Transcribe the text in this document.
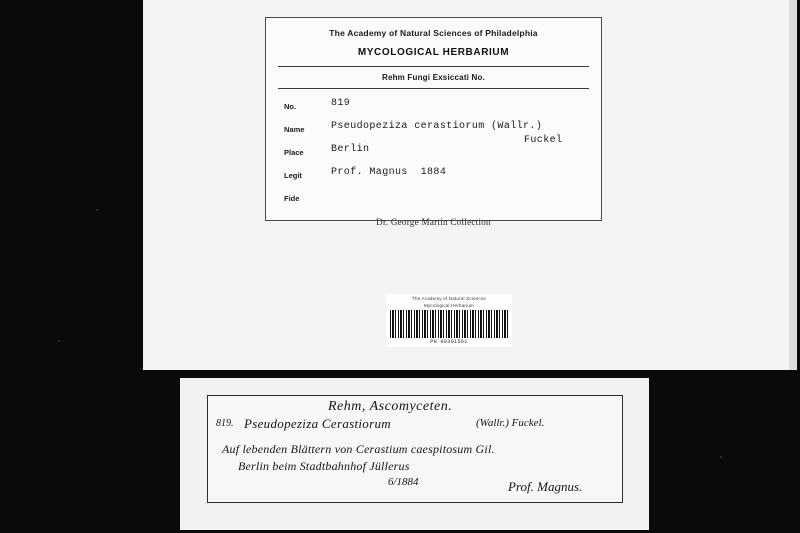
The Academy of Natural Sciences of Philadelphia
MYCOLOGICAL HERBARIUM
Rehm Fungi Exsiccati No.
No.	819
Name	Pseudopeziza cerastiorum (Wallr.)
Fuckel
Place	Berlin
Legit	Prof. Magnus  1884
Fide
Dr. George Martin Collection
The Academy of Natural Sciences
Mycological Herbarium
PH 00301561
Rehm, Ascomyceten.
819. Pseudopeziza Cerastiorum	(Wallr.) Fuckel.
Auf lebenden Blättern von Cerastium caespitosum Gil.
Berlin beim Stadtbahnhof Jüllerus
6/1884	Prof. Magnus.
